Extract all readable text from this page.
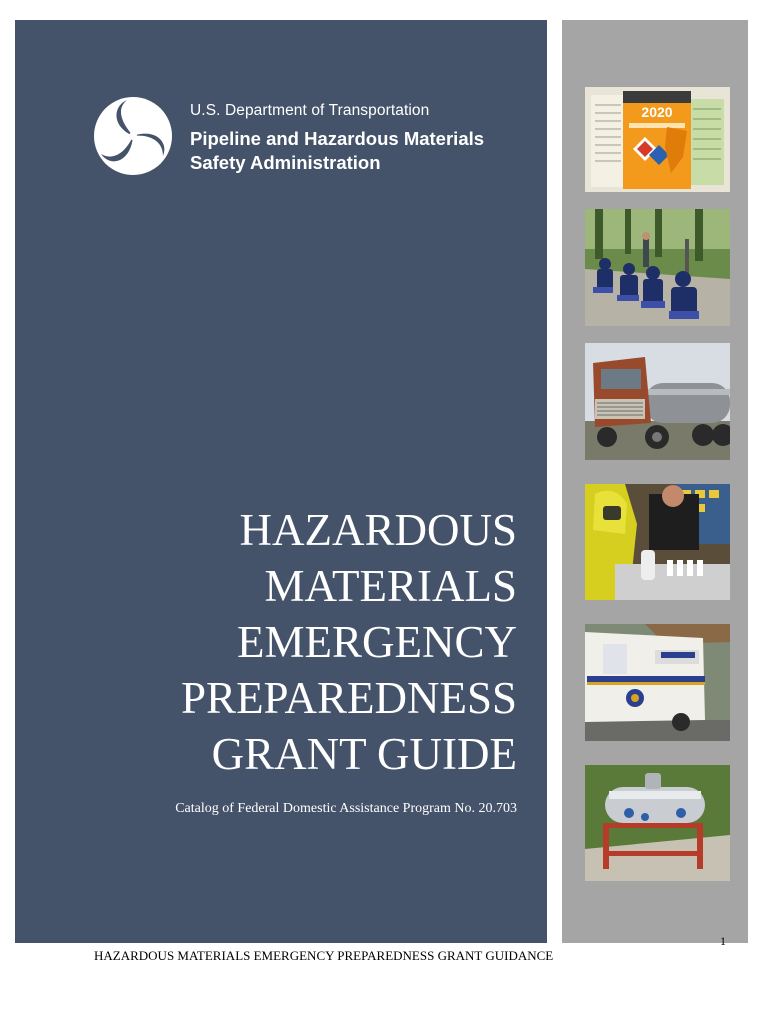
U.S. Department of Transportation
Pipeline and Hazardous Materials
Safety Administration
HAZARDOUS
MATERIALS
EMERGENCY
PREPAREDNESS
GRANT GUIDE
Catalog of Federal Domestic Assistance Program No. 20.703
2020
1
HAZARDOUS MATERIALS EMERGENCY PREPAREDNESS GRANT GUIDANCE
